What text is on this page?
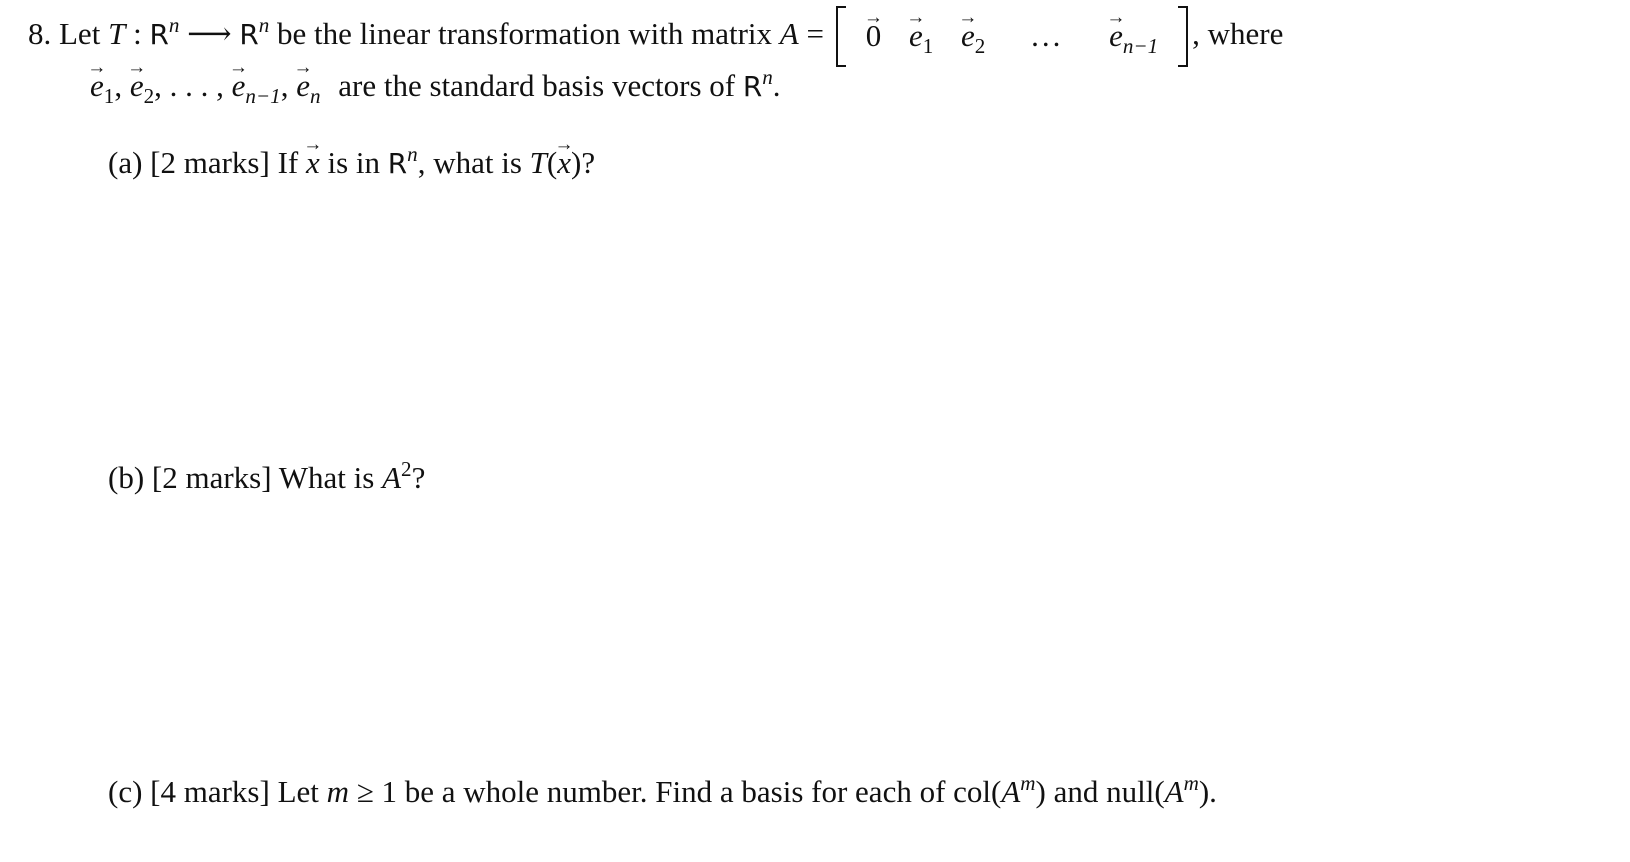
8. Let T : $R^n$ ⟶ $R^n$ be the linear transformation with matrix A = → $0 \to e_1 \to e_2$ ... → $e_{n-1}$ , where
→ $e_1$, → $e_2$, . . . , → $e_{n-1}$, → $e_n$ are the standard basis vectors of $R^n$.
(a) [2 marks] If → x is in $R^n$, what is T(→ x)?
(b) [2 marks] What is $A^2$?
(c) [4 marks] Let m ≥ 1 be a whole number. Find a basis for each of $col(A^m)$ and $null(A^m)$.
